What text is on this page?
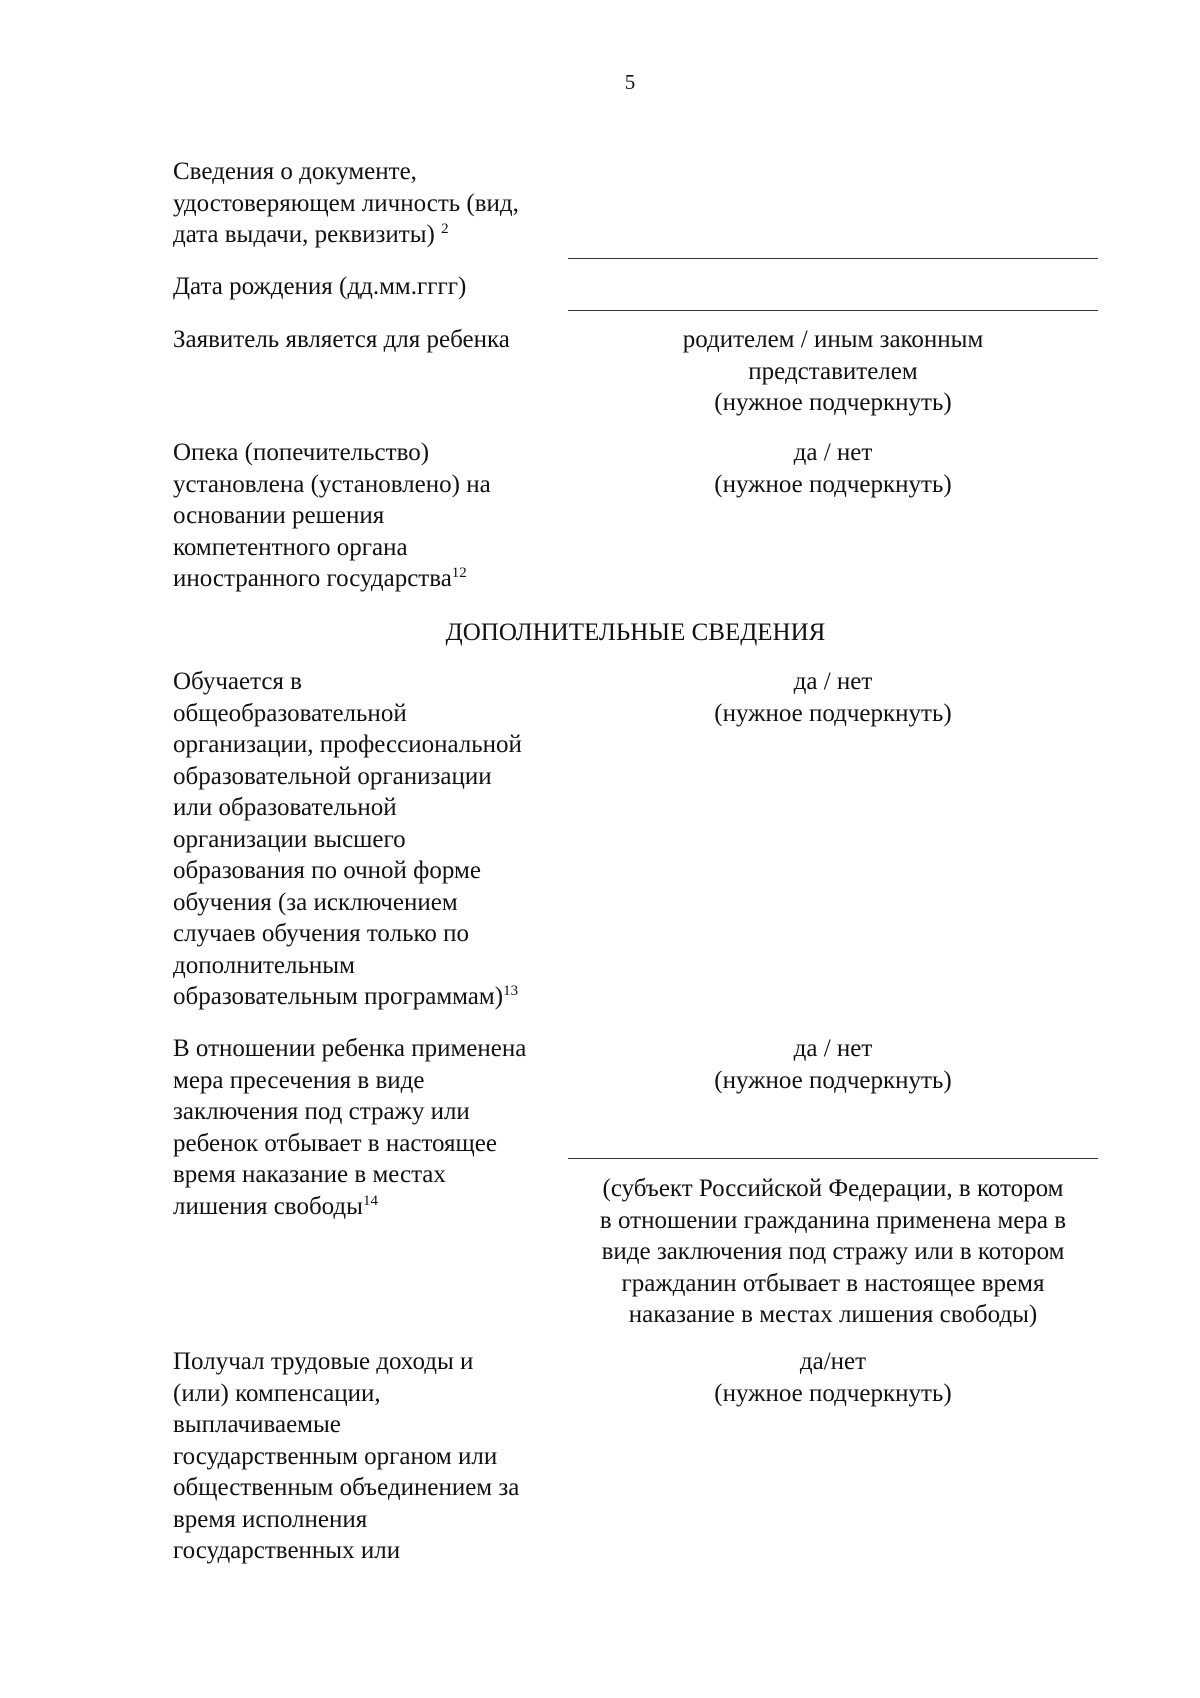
5
Сведения о документе,
удостоверяющем личность (вид,
дата выдачи, реквизиты) $^2$
Дата рождения (дд.мм.гггг)
Заявитель является для ребенка	родителем / иным законным
представителем
(нужное подчеркнуть)
Опека (попечительство)
установлена (установлено) на
основании решения
компетентного органа
иностранного государства$^{12}$
да / нет
(нужное подчеркнуть)
ДОПОЛНИТЕЛЬНЫЕ СВЕДЕНИЯ
Обучается в
общеобразовательной
организации, профессиональной
образовательной организации
или образовательной
организации высшего
образования по очной форме
обучения (за исключением
случаев обучения только по
дополнительным
образовательным программам)$^{13}$
да / нет
(нужное подчеркнуть)
В отношении ребенка применена
мера пресечения в виде
заключения под стражу или
ребенок отбывает в настоящее
время наказание в местах
лишения свободы$^{14}$
да / нет
(нужное подчеркнуть)
(субъект Российской Федерации, в котором
в отношении гражданина применена мера в
виде заключения под стражу или в котором
гражданин отбывает в настоящее время
наказание в местах лишения свободы)
Получал трудовые доходы и
(или) компенсации,
выплачиваемые
государственным органом или
общественным объединением за
время исполнения
государственных или
да/нет
(нужное подчеркнуть)
